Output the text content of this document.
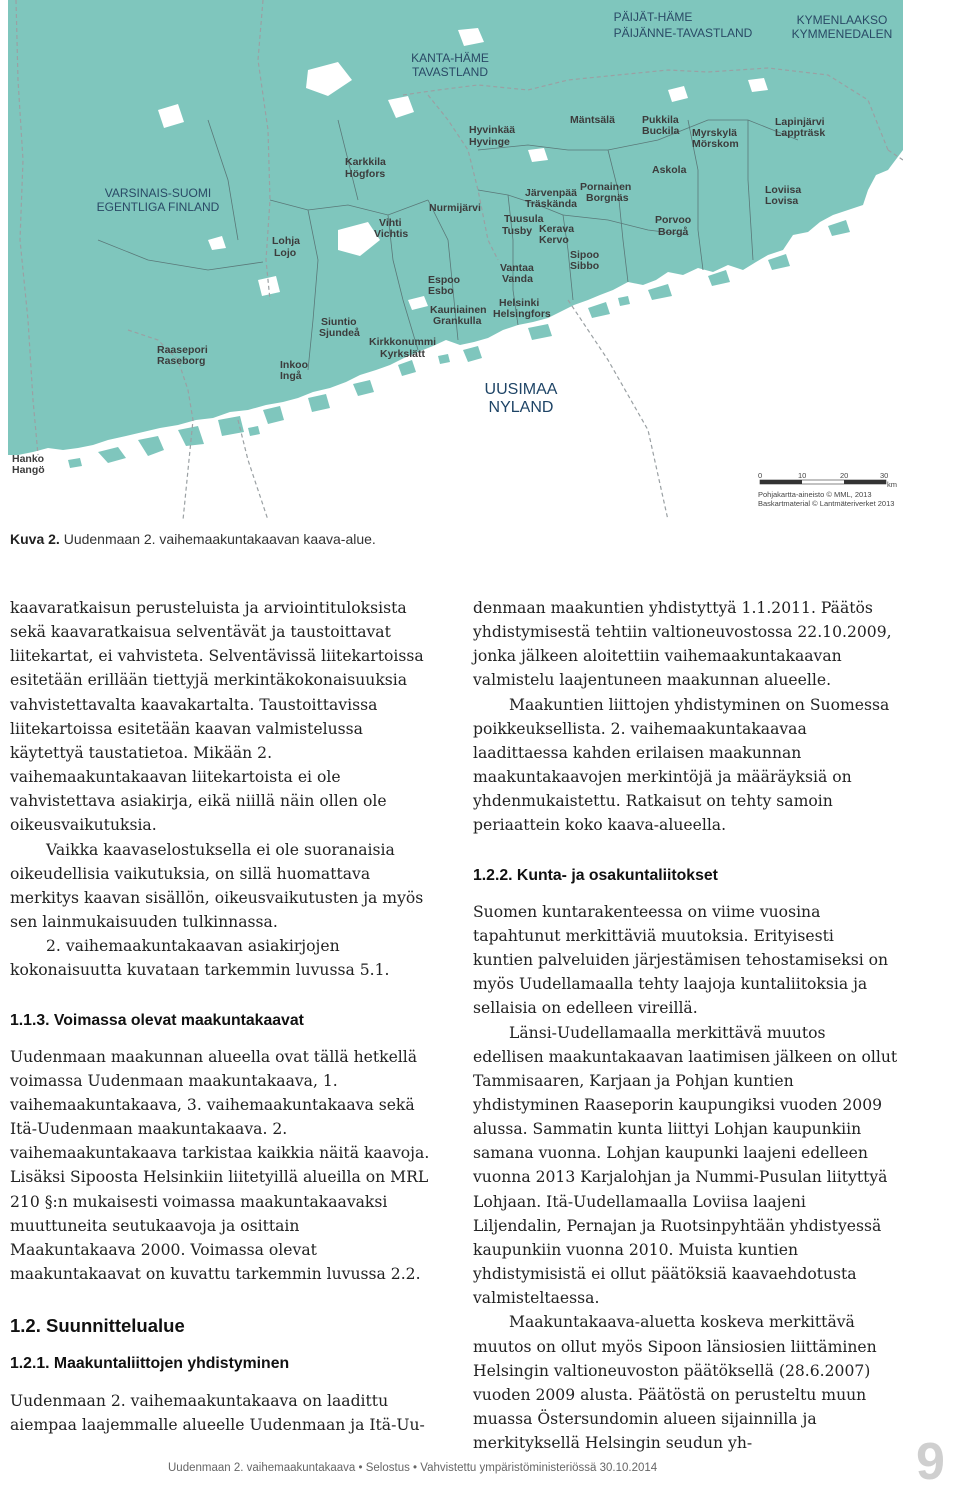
PÄIJÄT-HÄME
PÄIJÄNNE-TAVASTLAND
KYMENLAAKSO
KYMMENEDALEN
KANTA-HÄME
TAVASTLAND
VARSINAIS-SUOMI
EGENTLIGA FINLAND
UUSIMAA
NYLAND
Hyvinkää
Hyvinge
Mäntsälä	Pukkila
Buckila Myrskylä
Mörskom
Lapinjärvi
Lappträsk
Karkkila
Högfors	Askola
Järvenpää
Träskända
Pornainen
Borgnäs
Nurmijärvi
Loviisa
Lovisa
Vihti
Vichtis
Tuusula
Tusby Kerava
Kervo
Porvoo
Borgå
Lohja
Lojo	Sipoo
Sibbo
Vantaa
Vanda
Espoo
Esbo
Helsinki
Helsingfors
Kauniainen
Grankulla
Siuntio
Sjundeå
Kirkkonummi
Kyrkslätt
Raasepori
Raseborg	Inkoo
Ingå
Hanko
Hangö	0	10	20	30
km
Pohjakartta-aineisto © MML, 2013
Baskartmaterial © Lantmäteriverket 2013
Kuva 2. Uudenmaan 2. vaihemaakuntakaavan kaava-alue.

kaavaratkaisun perusteluista ja arviointituloksista sekä kaavaratkaisua selventävät ja taustoittavat liitekartat, ei vahvisteta. Selventävissä liitekartoissa esitetään erillään tiettyjä merkintäkokonaisuuksia vahvistettavalta kaavakartalta. Taustoittavissa liitekartoissa esitetään kaavan valmistelussa käytettyä taustatietoa. Mikään 2. vaihemaakuntakaavan liitekartoista ei ole vahvistettava asiakirja, eikä niillä näin ollen ole oikeusvaikutuksia.

Vaikka kaavaselostuksella ei ole suoranaisia oikeudellisia vaikutuksia, on sillä huomattava merkitys kaavan sisällön, oikeusvaikutusten ja myös sen lainmukaisuuden tulkinnassa.

2. vaihemaakuntakaavan asiakirjojen kokonaisuutta kuvataan tarkemmin luvussa 5.1.

1.1.3. Voimassa olevat maakuntakaavat

Uudenmaan maakunnan alueella ovat tällä hetkellä voimassa Uudenmaan maakuntakaava, 1. vaihemaakuntakaava, 3. vaihemaakuntakaava sekä Itä-Uudenmaan maakuntakaava. 2. vaihemaakuntakaava tarkistaa kaikkia näitä kaavoja. Lisäksi Sipoosta Helsinkiin liitetyillä alueilla on MRL 210 §:n mukaisesti voimassa maakuntakaavaksi muuttuneita seutukaavoja ja osittain Maakuntakaava 2000. Voimassa olevat maakuntakaavat on kuvattu tarkemmin luvussa 2.2.

1.2. Suunnittelualue
1.2.1. Maakuntaliittojen yhdistyminen

Uudenmaan 2. vaihemaakuntakaava on laadittu aiempaa laajemmalle alueelle Uudenmaan ja Itä-Uu-

denmaan maakuntien yhdistyttyä 1.1.2011. Päätös yhdistymisestä tehtiin valtioneuvostossa 22.10.2009, jonka jälkeen aloitettiin vaihemaakuntakaavan valmistelu laajentuneen maakunnan alueelle.

Maakuntien liittojen yhdistyminen on Suomessa poikkeuksellista. 2. vaihemaakuntakaavaa laadittaessa kahden erilaisen maakunnan maakuntakaavojen merkintöjä ja määräyksiä on yhdenmukaistettu. Ratkaisut on tehty samoin periaattein koko kaava-alueella.

1.2.2. Kunta- ja osakuntaliitokset

Suomen kuntarakenteessa on viime vuosina tapahtunut merkittäviä muutoksia. Erityisesti kuntien palveluiden järjestämisen tehostamiseksi on myös Uudellamaalla tehty laajoja kuntaliitoksia ja sellaisia on edelleen vireillä.

Länsi-Uudellamaalla merkittävä muutos edellisen maakuntakaavan laatimisen jälkeen on ollut Tammisaaren, Karjaan ja Pohjan kuntien yhdistyminen Raaseporin kaupungiksi vuoden 2009 alussa. Sammatin kunta liittyi Lohjan kaupunkiin samana vuonna. Lohjan kaupunki laajeni edelleen vuonna 2013 Karjalohjan ja Nummi-Pusulan liityttyä Lohjaan. Itä-Uudellamaalla Loviisa laajeni Liljendalin, Pernajan ja Ruotsinpyhtään yhdistyessä kaupunkiin vuonna 2010. Muista kuntien yhdistymisistä ei ollut päätöksiä kaavaehdotusta valmisteltaessa.

Maakuntakaava-aluetta koskeva merkittävä muutos on ollut myös Sipoon länsiosien liittäminen Helsingin valtioneuvoston päätöksellä (28.6.2007) vuoden 2009 alusta. Päätöstä on perusteltu muun muassa Östersundomin alueen sijainnilla ja merkityksellä Helsingin seudun yh-

Uudenmaan 2. vaihemaakuntakaava • Selostus • Vahvistettu ympäristöministeriössä 30.10.2014	9
